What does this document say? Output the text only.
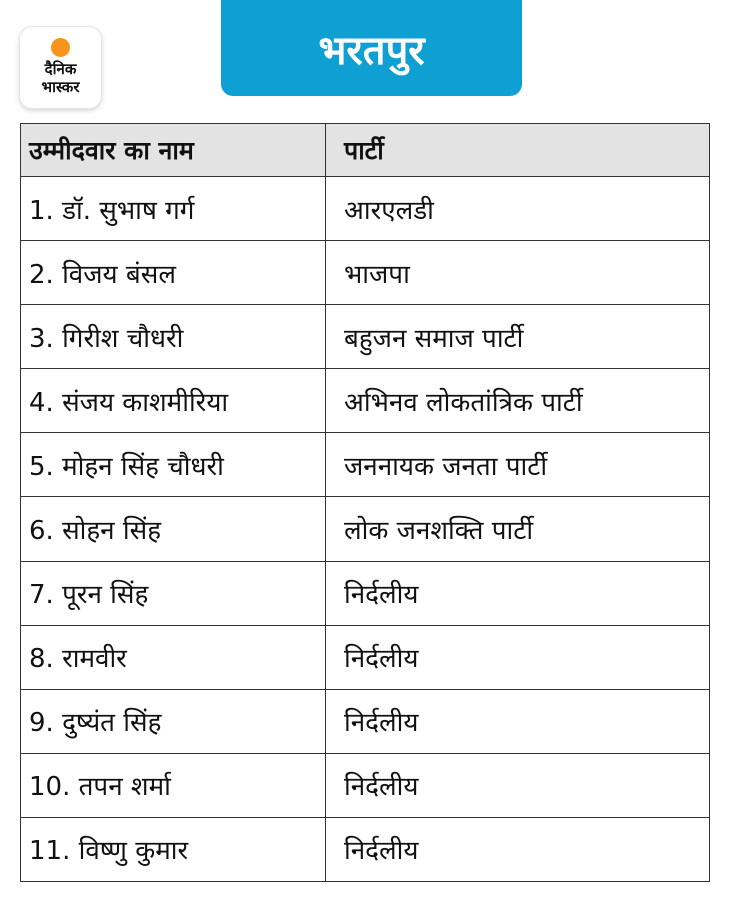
दैनिक
भास्कर
भरतपुर
उम्मीदवार का नाम	पार्टी
1. डॉ. सुभाष गर्ग	आरएलडी
2. विजय बंसल	भाजपा
3. गिरीश चौधरी	बहुजन समाज पार्टी
4. संजय काशमीरिया	अभिनव लोकतांत्रिक पार्टी
5. मोहन सिंह चौधरी	जननायक जनता पार्टी
6. सोहन सिंह	लोक जनशक्ति पार्टी
7. पूरन सिंह	निर्दलीय
8. रामवीर	निर्दलीय
9. दुष्यंत सिंह	निर्दलीय
10. तपन शर्मा	निर्दलीय
11. विष्णु कुमार	निर्दलीय
